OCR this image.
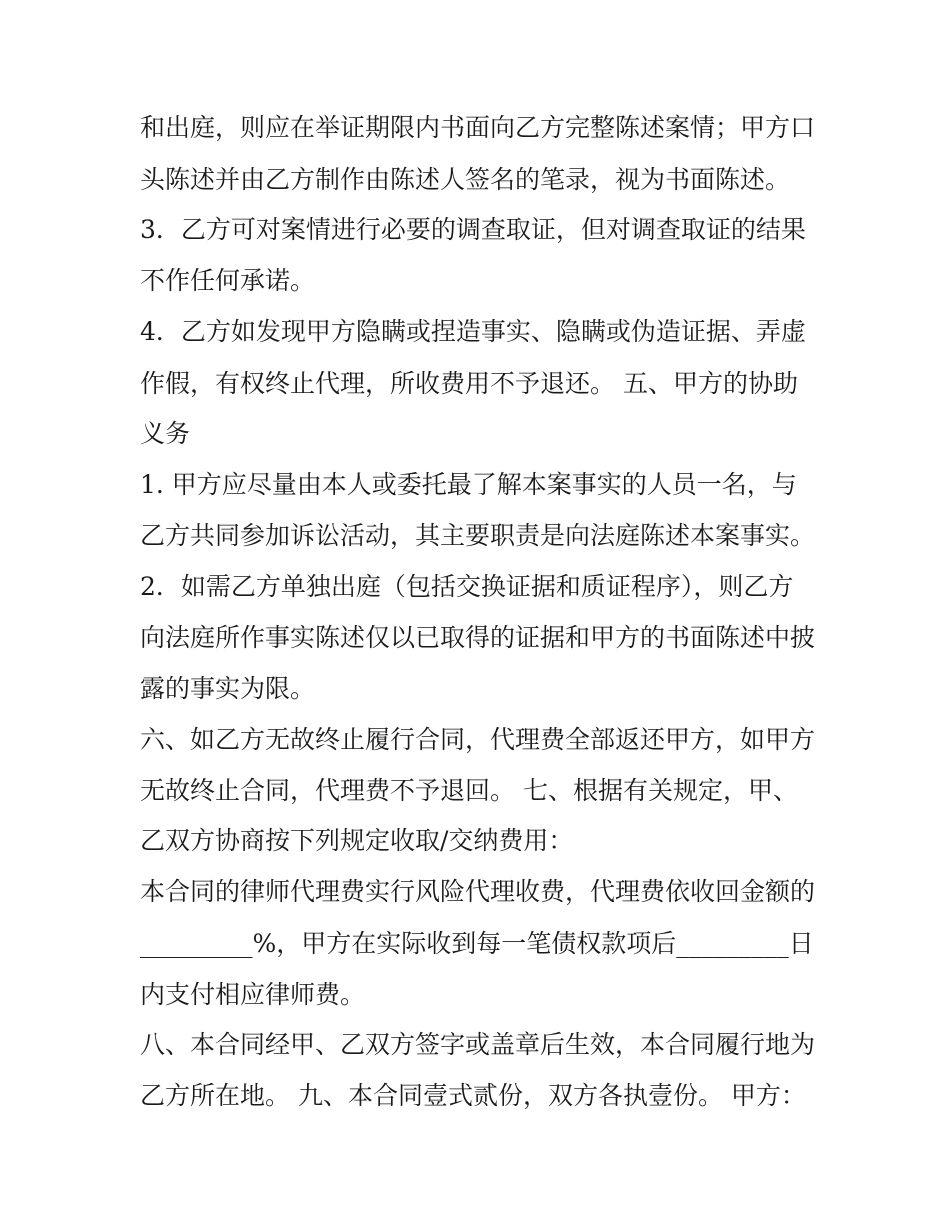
和出庭，则应在举证期限内书面向乙方完整陈述案情；甲方口
头陈述并由乙方制作由陈述人签名的笔录，视为书面陈述。
3．乙方可对案情进行必要的调查取证，但对调查取证的结果
不作任何承诺。
4．乙方如发现甲方隐瞒或捏造事实、隐瞒或伪造证据、弄虚
作假，有权终止代理，所收费用不予退还。 五、甲方的协助
义务
1. 甲方应尽量由本人或委托最了解本案事实的人员一名，与
乙方共同参加诉讼活动，其主要职责是向法庭陈述本案事实。
2．如需乙方单独出庭（包括交换证据和质证程序），则乙方
向法庭所作事实陈述仅以已取得的证据和甲方的书面陈述中披
露的事实为限。
六、如乙方无故终止履行合同，代理费全部返还甲方，如甲方
无故终止合同，代理费不予退回。 七、根据有关规定，甲、
乙双方协商按下列规定收取/交纳费用：
本合同的律师代理费实行风险代理收费，代理费依收回金额的
_________%，甲方在实际收到每一笔债权款项后_________日
内支付相应律师费。
八、本合同经甲、乙双方签字或盖章后生效，本合同履行地为
乙方所在地。 九、本合同壹式贰份，双方各执壹份。 甲方：
